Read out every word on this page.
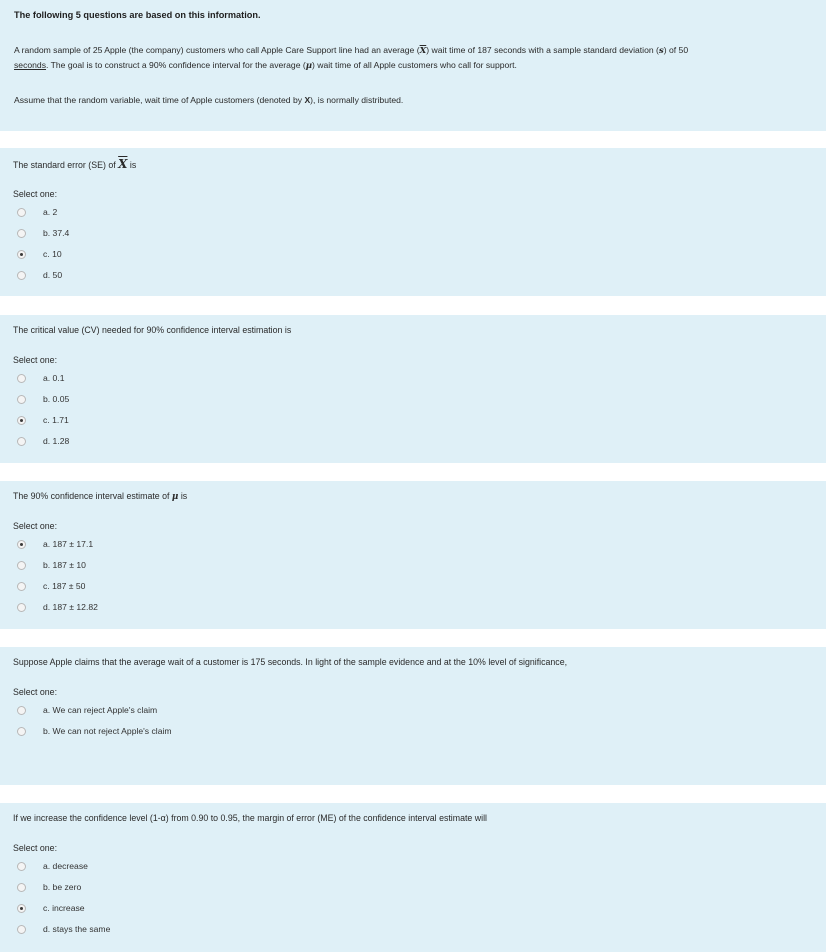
The following 5 questions are based on this information.
A random sample of 25 Apple (the company) customers who call Apple Care Support line had an average $(\overline{X})$ wait time of 187 seconds with a sample standard deviation (s) of 50
seconds. The goal is to construct a 90% confidence interval for the average (μ) wait time of all Apple customers who call for support.
Assume that the random variable, wait time of Apple customers (denoted by X), is normally distributed.
The standard error (SE) of $\overline{X}$ is
Select one:
a. 2
b. 37.4
c. 10
d. 50
The critical value (CV) needed for 90% confidence interval estimation is
Select one:
a. 0.1
b. 0.05
c. 1.71
d. 1.28
The 90% confidence interval estimate of μ is
Select one:
a. 187 ± 17.1
b. 187 ± 10
c. 187 ± 50
d. 187 ± 12.82
Suppose Apple claims that the average wait of a customer is 175 seconds. In light of the sample evidence and at the 10% level of significance,
Select one:
a. We can reject Apple's claim
b. We can not reject Apple's claim
If we increase the confidence level (1-α) from 0.90 to 0.95, the margin of error (ME) of the confidence interval estimate will
Select one:
a. decrease
b. be zero
c. increase
d. stays the same
